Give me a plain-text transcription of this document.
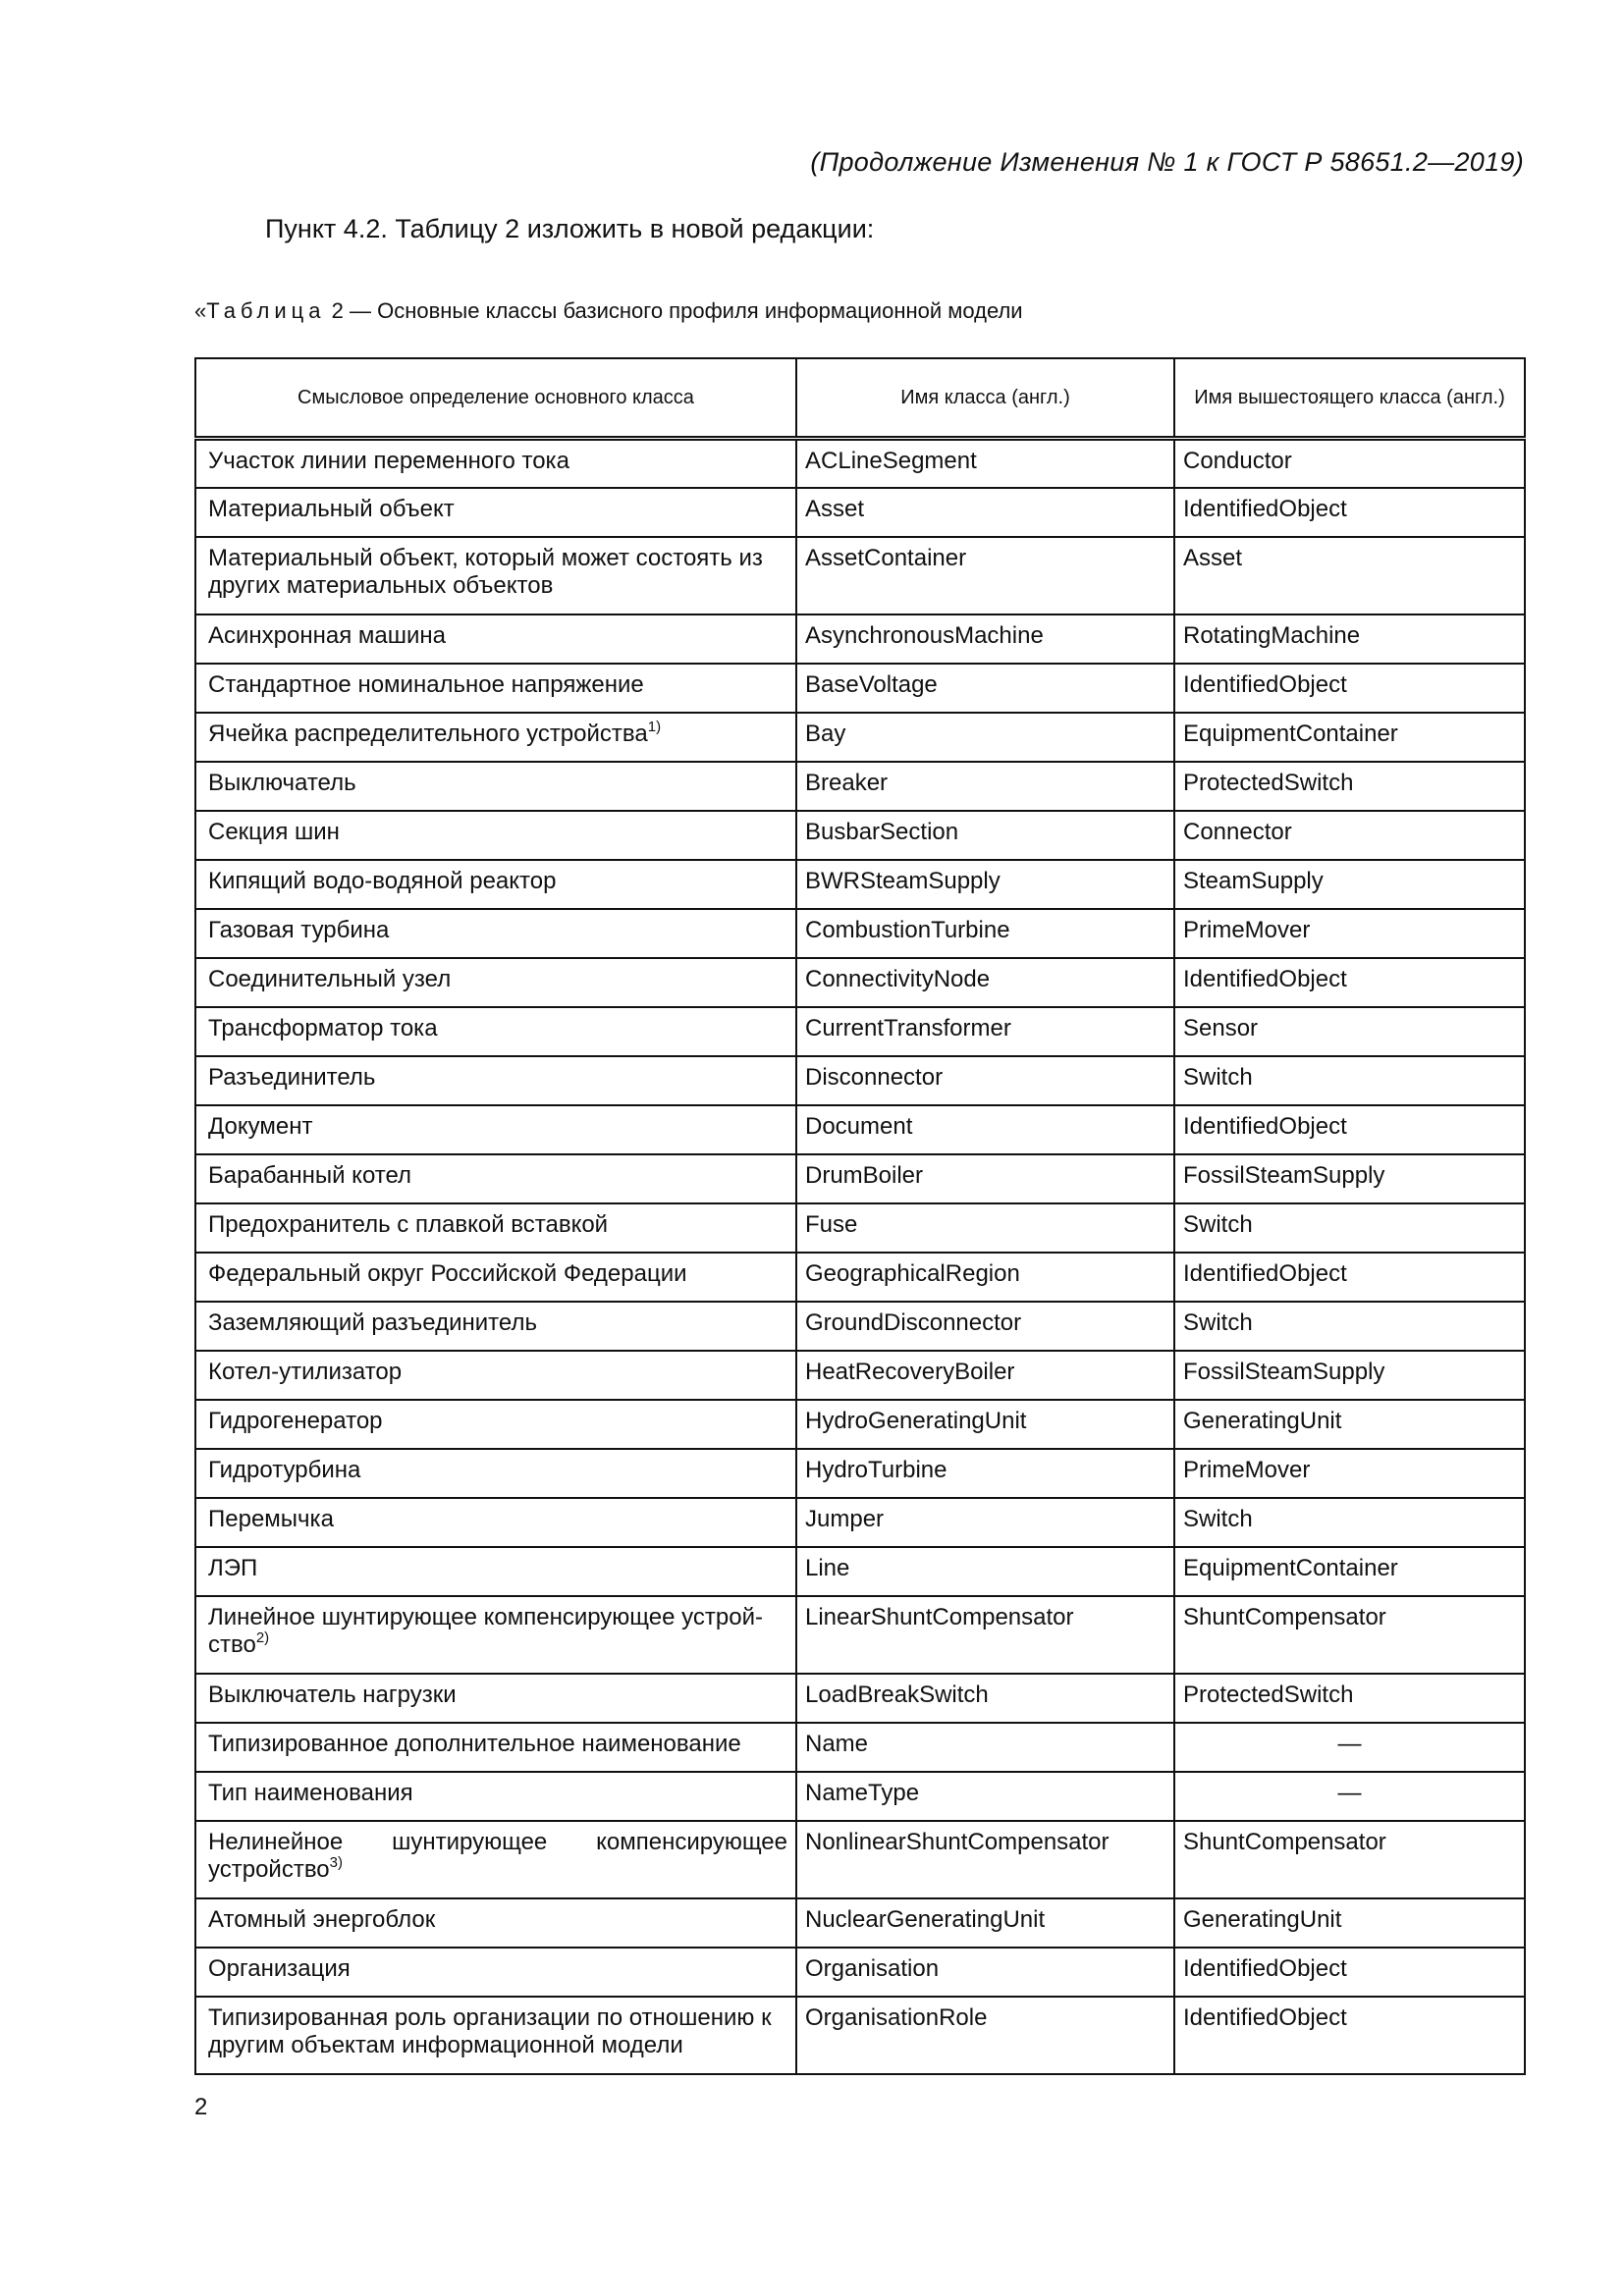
(Продолжение Изменения № 1 к ГОСТ Р 58651.2—2019)
Пункт 4.2. Таблицу 2 изложить в новой редакции:
«Таблица 2 — Основные классы базисного профиля информационной модели
Смысловое определение основного класса	Имя класса (англ.)	Имя вышестоящего класса (англ.)
Участок линии переменного тока	ACLineSegment	Conductor
Материальный объект	Asset	IdentifiedObject
Материальный объект, который может состоять из других материальных объектов	AssetContainer	Asset
Асинхронная машина	AsynchronousMachine	RotatingMachine
Стандартное номинальное напряжение	BaseVoltage	IdentifiedObject
Ячейка распределительного устройства$^{1)}$	Bay	EquipmentContainer
Выключатель	Breaker	ProtectedSwitch
Секция шин	BusbarSection	Connector
Кипящий водо-водяной реактор	BWRSteamSupply	SteamSupply
Газовая турбина	CombustionTurbine	PrimeMover
Соединительный узел	ConnectivityNode	IdentifiedObject
Трансформатор тока	CurrentTransformer	Sensor
Разъединитель	Disconnector	Switch
Документ	Document	IdentifiedObject
Барабанный котел	DrumBoiler	FossilSteamSupply
Предохранитель с плавкой вставкой	Fuse	Switch
Федеральный округ Российской Федерации	GeographicalRegion	IdentifiedObject
Заземляющий разъединитель	GroundDisconnector	Switch
Котел-утилизатор	HeatRecoveryBoiler	FossilSteamSupply
Гидрогенератор	HydroGeneratingUnit	GeneratingUnit
Гидротурбина	HydroTurbine	PrimeMover
Перемычка	Jumper	Switch
ЛЭП	Line	EquipmentContainer
Линейное шунтирующее компенсирующее устрой-
ство$^{2)}$	LinearShuntCompensator	ShuntCompensator
Выключатель нагрузки	LoadBreakSwitch	ProtectedSwitch
Типизированное дополнительное наименование	Name	—
Тип наименования	NameType	—
Нелинейное шунтирующее компенсирующее
устройство$^{3)}$	NonlinearShuntCompensator	ShuntCompensator
Атомный энергоблок	NuclearGeneratingUnit	GeneratingUnit
Организация	Organisation	IdentifiedObject
Типизированная роль организации по отношению к другим объектам информационной модели	OrganisationRole	IdentifiedObject
2
